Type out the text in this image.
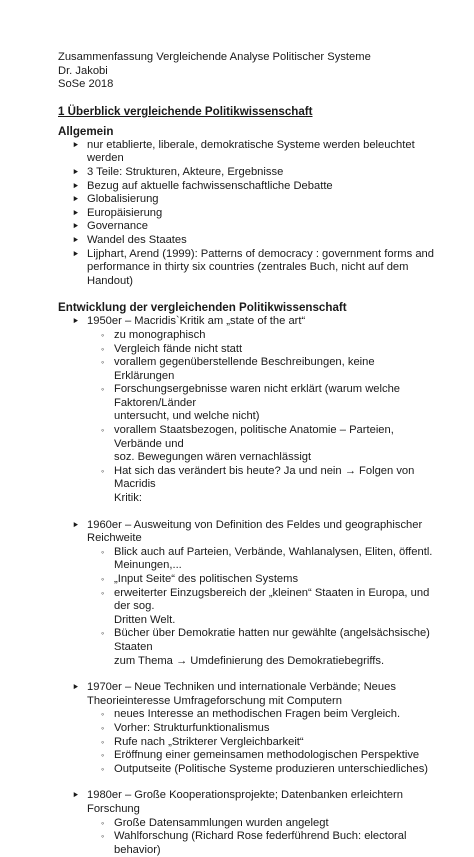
Zusammenfassung Vergleichende Analyse Politischer Systeme
Dr. Jakobi
SoSe 2018
1 Überblick vergleichende Politikwissenschaft
Allgemein
⯈ nur etablierte, liberale, demokratische Systeme werden beleuchtet werden
⯈ 3 Teile: Strukturen, Akteure, Ergebnisse
⯈ Bezug auf aktuelle fachwissenschaftliche Debatte
⯈ Globalisierung
⯈ Europäisierung
⯈ Governance
⯈ Wandel des Staates
⯈ Lijphart, Arend (1999): Patterns of democracy : government forms and
performance in thirty six countries (zentrales Buch, nicht auf dem Handout)
Entwicklung der vergleichenden Politikwissenschaft
⯈ 1950er – Macridis`Kritik am „state of the art“
◦ zu monographisch
◦ Vergleich fände nicht statt
◦ vorallem gegenüberstellende Beschreibungen, keine Erklärungen
◦ Forschungsergebnisse waren nicht erklärt (warum welche Faktoren/Länder
untersucht, und welche nicht)
◦ vorallem Staatsbezogen, politische Anatomie – Parteien, Verbände und
soz. Bewegungen wären vernachlässigt
◦ Hat sich das verändert bis heute? Ja und nein → Folgen von Macridis
Kritik:
⯈ 1960er – Ausweitung von Definition des Feldes und geographischer
Reichweite
◦ Blick auch auf Parteien, Verbände, Wahlanalysen, Eliten, öffentl.
Meinungen,...
◦ „Input Seite“ des politischen Systems
◦ erweiterter Einzugsbereich der „kleinen“ Staaten in Europa, und der sog.
Dritten Welt.
◦ Bücher über Demokratie hatten nur gewählte (angelsächsische) Staaten
zum Thema → Umdefinierung des Demokratiebegriffs.
⯈ 1970er – Neue Techniken und internationale Verbände; Neues
Theorieinteresse Umfrageforschung mit Computern
◦ neues Interesse an methodischen Fragen beim Vergleich.
◦ Vorher: Strukturfunktionalismus
◦ Rufe nach „Strikterer Vergleichbarkeit“
◦ Eröffnung einer gemeinsamen methodologischen Perspektive
◦ Outputseite (Politische Systeme produzieren unterschiedliches)
⯈ 1980er – Große Kooperationsprojekte; Datenbanken erleichtern Forschung
◦ Große Datensammlungen wurden angelegt
◦ Wahlforschung (Richard Rose federführend Buch: electoral behavior)
